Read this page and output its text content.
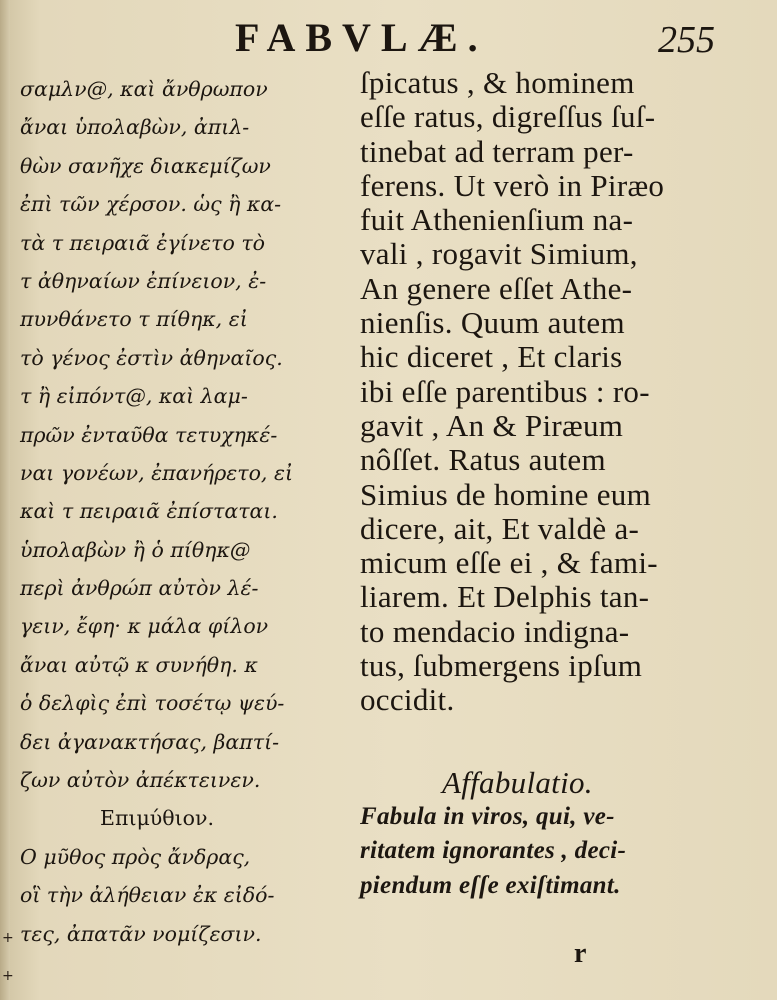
+
+
FABVLÆ.	255
σαμλν@, καὶ ἄνθρωπον
ἄναι ὑπολαβὼν, ἀπιλ-
θὼν σανῆχε διακεμίζων
ἐπὶ τῶν χέρσον. ὡς ἢ κα-
τὰ τ πειραιᾶ ἐγίνετο τὸ
τ ἀθηναίων ἐπίνειον, ἐ-
πυνθάνετο τ πίθηκ, εἰ
τὸ γένος ἐστὶν ἀθηναῖος.
τ ἢ εἰπόντ@, καὶ λαμ-
πρῶν ἐνταῦθα τετυχηκέ-
ναι γονέων, ἐπανήρετο, εἰ
καὶ τ πειραιᾶ ἐπίσταται.
ὑπολαβὼν ἢ ὁ πίθηκ@
περὶ ἀνθρώπ αὐτὸν λέ-
γειν, ἔφη· κ μάλα φίλον
ἄναι αὐτῷ κ συνήθη. κ
ὁ δελφὶς ἐπὶ τοσέτῳ ψεύ-
δει ἀγανακτήσας, βαπτί-
ζων αὐτὸν ἀπέκτεινεν.
Επιμύθιον.
Ο μῦθος πρὸς ἄνδρας,
οἳ τὴν ἀλήθειαν ἐκ εἰδό-
τες, ἀπατᾶν νομίζεσιν.
ſpicatus , & hominem
eſſe ratus, digreſſus ſuſ-
tinebat ad terram per-
ferens. Ut verò in Piræo
fuit Athenienſium na-
vali , rogavit Simium,
An genere eſſet Athe-
nienſis. Quum autem
hic diceret , Et claris
ibi eſſe parentibus : ro-
gavit , An & Piræum
nôſſet. Ratus autem
Simius de homine eum
dicere, ait, Et valdè a-
micum eſſe ei , & fami-
liarem. Et Delphis tan-
to mendacio indigna-
tus, ſubmergens ipſum
occidit.
Affabulatio.
Fabula in viros, qui, ve-
ritatem ignorantes , deci-
piendum eſſe exiſtimant.
r
